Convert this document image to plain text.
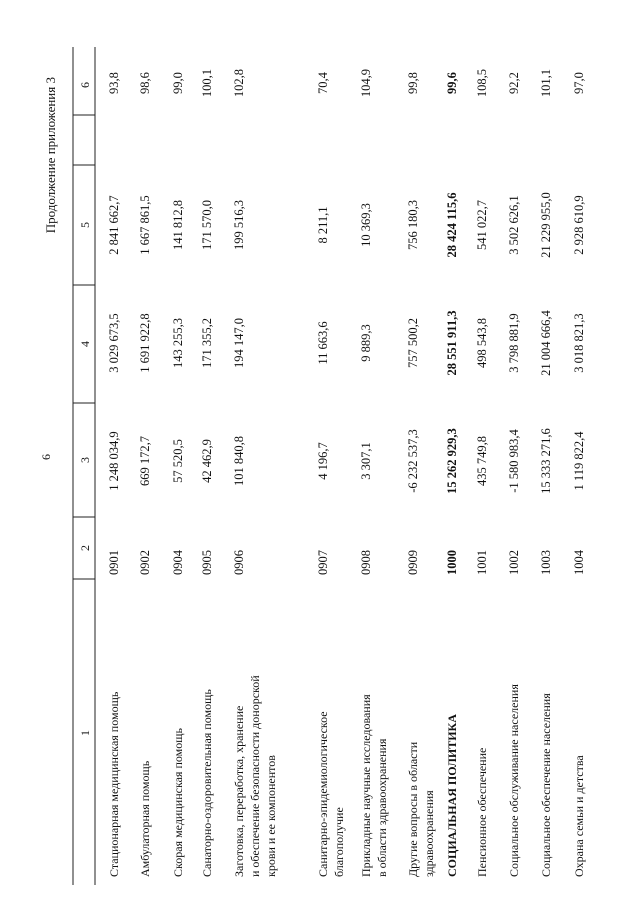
6
Продолжение приложения 3
1
2
3
4
5
6
Стационарная медицинская помощь
0901
1 248 034,9
3 029 673,5
2 841 662,7
93,8
Амбулаторная помощь
0902
669 172,7
1 691 922,8
1 667 861,5
98,6
Скорая медицинская помощь
0904
57 520,5
143 255,3
141 812,8
99,0
Санаторно-оздоровительная помощь
0905
42 462,9
171 355,2
171 570,0
100,1
Заготовка, переработка, хранение и обеспечение безопасности донорской крови и ее компонентов
0906
101 840,8
194 147,0
199 516,3
102,8
Санитарно-эпидемиологическое благополучие
0907
4 196,7
11 663,6
8 211,1
70,4
Прикладные научные исследования в области здравоохранения
0908
3 307,1
9 889,3
10 369,3
104,9
Другие вопросы в области здравоохранения
0909
-6 232 537,3
757 500,2
756 180,3
99,8
СОЦИАЛЬНАЯ ПОЛИТИКА
1000
15 262 929,3
28 551 911,3
28 424 115,6
99,6
Пенсионное обеспечение
1001
435 749,8
498 543,8
541 022,7
108,5
Социальное обслуживание населения
1002
-1 580 983,4
3 798 881,9
3 502 626,1
92,2
Социальное обеспечение населения
1003
15 333 271,6
21 004 666,4
21 229 955,0
101,1
Охрана семьи и детства
1004
1 119 822,4
3 018 821,3
2 928 610,9
97,0
